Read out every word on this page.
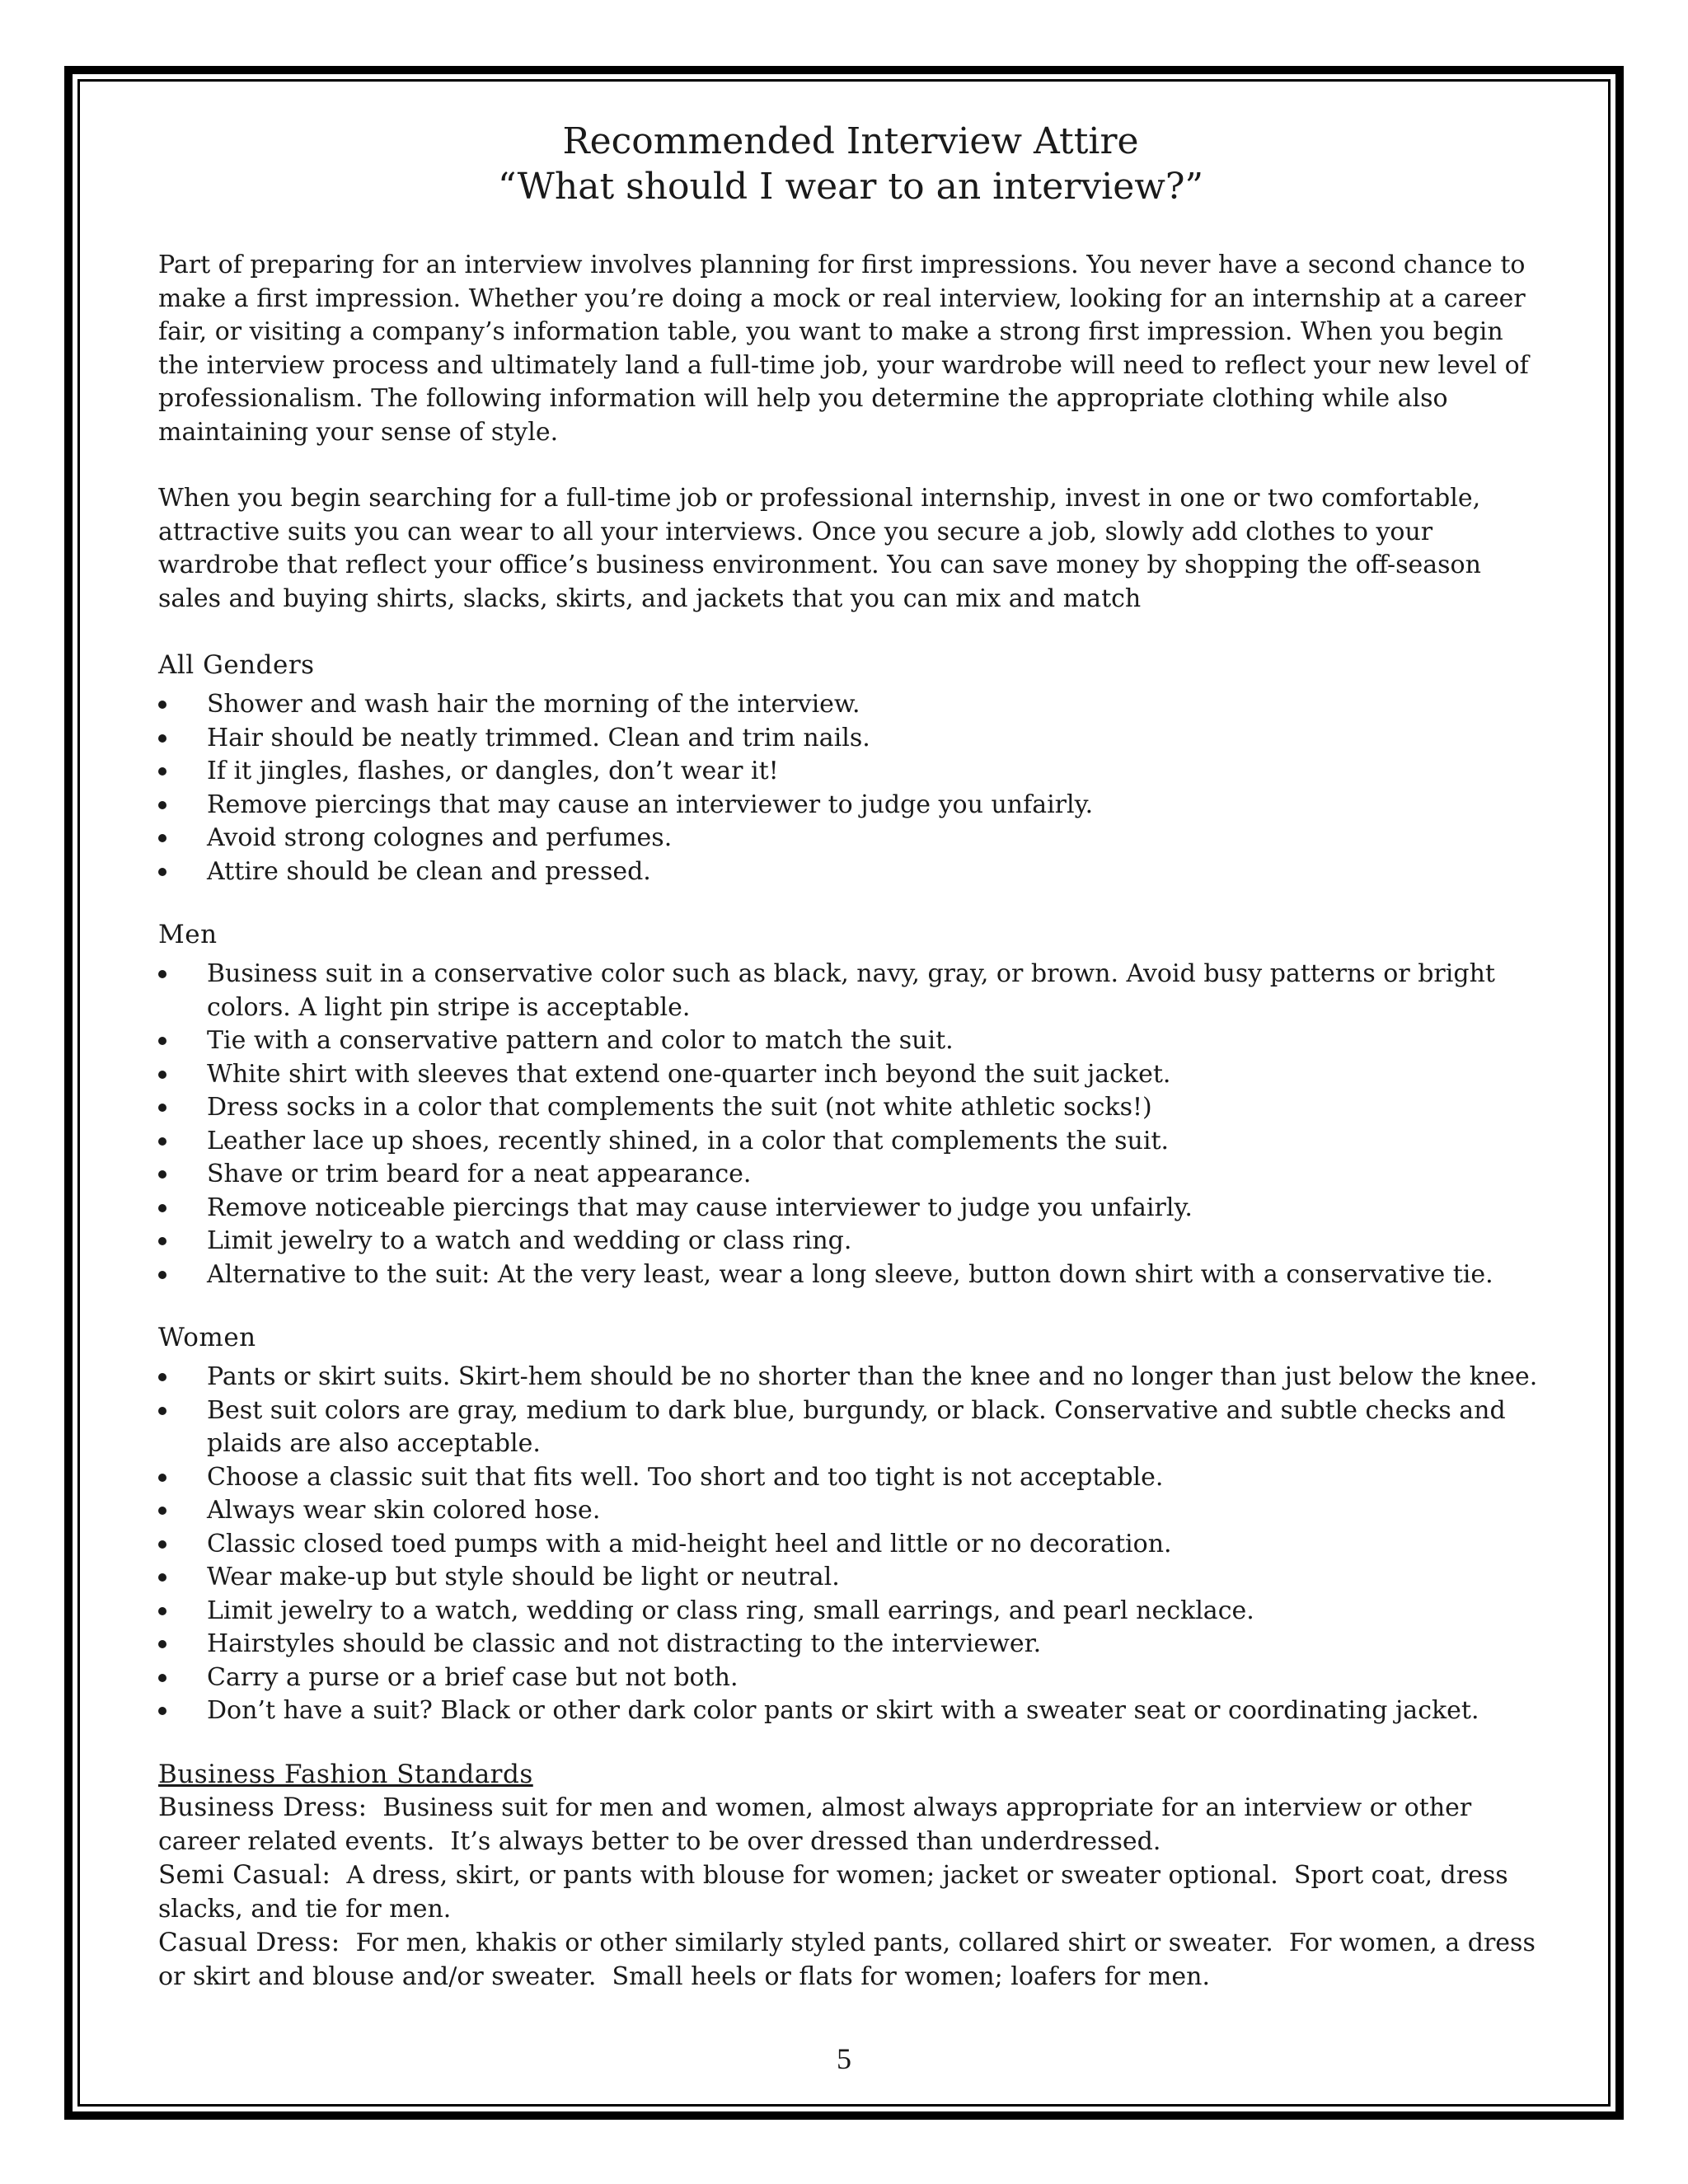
Recommended Interview Attire
“What should I wear to an interview?”

Part of preparing for an interview involves planning for first impressions. You never have a second chance to make a first impression. Whether you’re doing a mock or real interview, looking for an internship at a career fair, or visiting a company’s information table, you want to make a strong first impression. When you begin the interview process and ultimately land a full-time job, your wardrobe will need to reflect your new level of professionalism. The following information will help you determine the appropriate clothing while also maintaining your sense of style.

When you begin searching for a full-time job or professional internship, invest in one or two comfortable, attractive suits you can wear to all your interviews. Once you secure a job, slowly add clothes to your wardrobe that reflect your office’s business environment. You can save money by shopping the off-season sales and buying shirts, slacks, skirts, and jackets that you can mix and match

All Genders
Shower and wash hair the morning of the interview.
Hair should be neatly trimmed. Clean and trim nails.
If it jingles, flashes, or dangles, don’t wear it!
Remove piercings that may cause an interviewer to judge you unfairly.
Avoid strong colognes and perfumes.
Attire should be clean and pressed.
Men
Business suit in a conservative color such as black, navy, gray, or brown. Avoid busy patterns or bright colors. A light pin stripe is acceptable.
Tie with a conservative pattern and color to match the suit.
White shirt with sleeves that extend one-quarter inch beyond the suit jacket.
Dress socks in a color that complements the suit (not white athletic socks!)
Leather lace up shoes, recently shined, in a color that complements the suit.
Shave or trim beard for a neat appearance.
Remove noticeable piercings that may cause interviewer to judge you unfairly.
Limit jewelry to a watch and wedding or class ring.
Alternative to the suit: At the very least, wear a long sleeve, button down shirt with a conservative tie.
Women
Pants or skirt suits. Skirt-hem should be no shorter than the knee and no longer than just below the knee.
Best suit colors are gray, medium to dark blue, burgundy, or black. Conservative and subtle checks and plaids are also acceptable.
Choose a classic suit that fits well. Too short and too tight is not acceptable.
Always wear skin colored hose.
Classic closed toed pumps with a mid-height heel and little or no decoration.
Wear make-up but style should be light or neutral.
Limit jewelry to a watch, wedding or class ring, small earrings, and pearl necklace.
Hairstyles should be classic and not distracting to the interviewer.
Carry a purse or a brief case but not both.
Don’t have a suit? Black or other dark color pants or skirt with a sweater seat or coordinating jacket.
Business Fashion Standards

Business Dress:  Business suit for men and women, almost always appropriate for an interview or other career related events.  It’s always better to be over dressed than underdressed.

Semi Casual:  A dress, skirt, or pants with blouse for women; jacket or sweater optional.  Sport coat, dress slacks, and tie for men.

Casual Dress:  For men, khakis or other similarly styled pants, collared shirt or sweater.  For women, a dress or skirt and blouse and/or sweater.  Small heels or flats for women; loafers for men.

5
